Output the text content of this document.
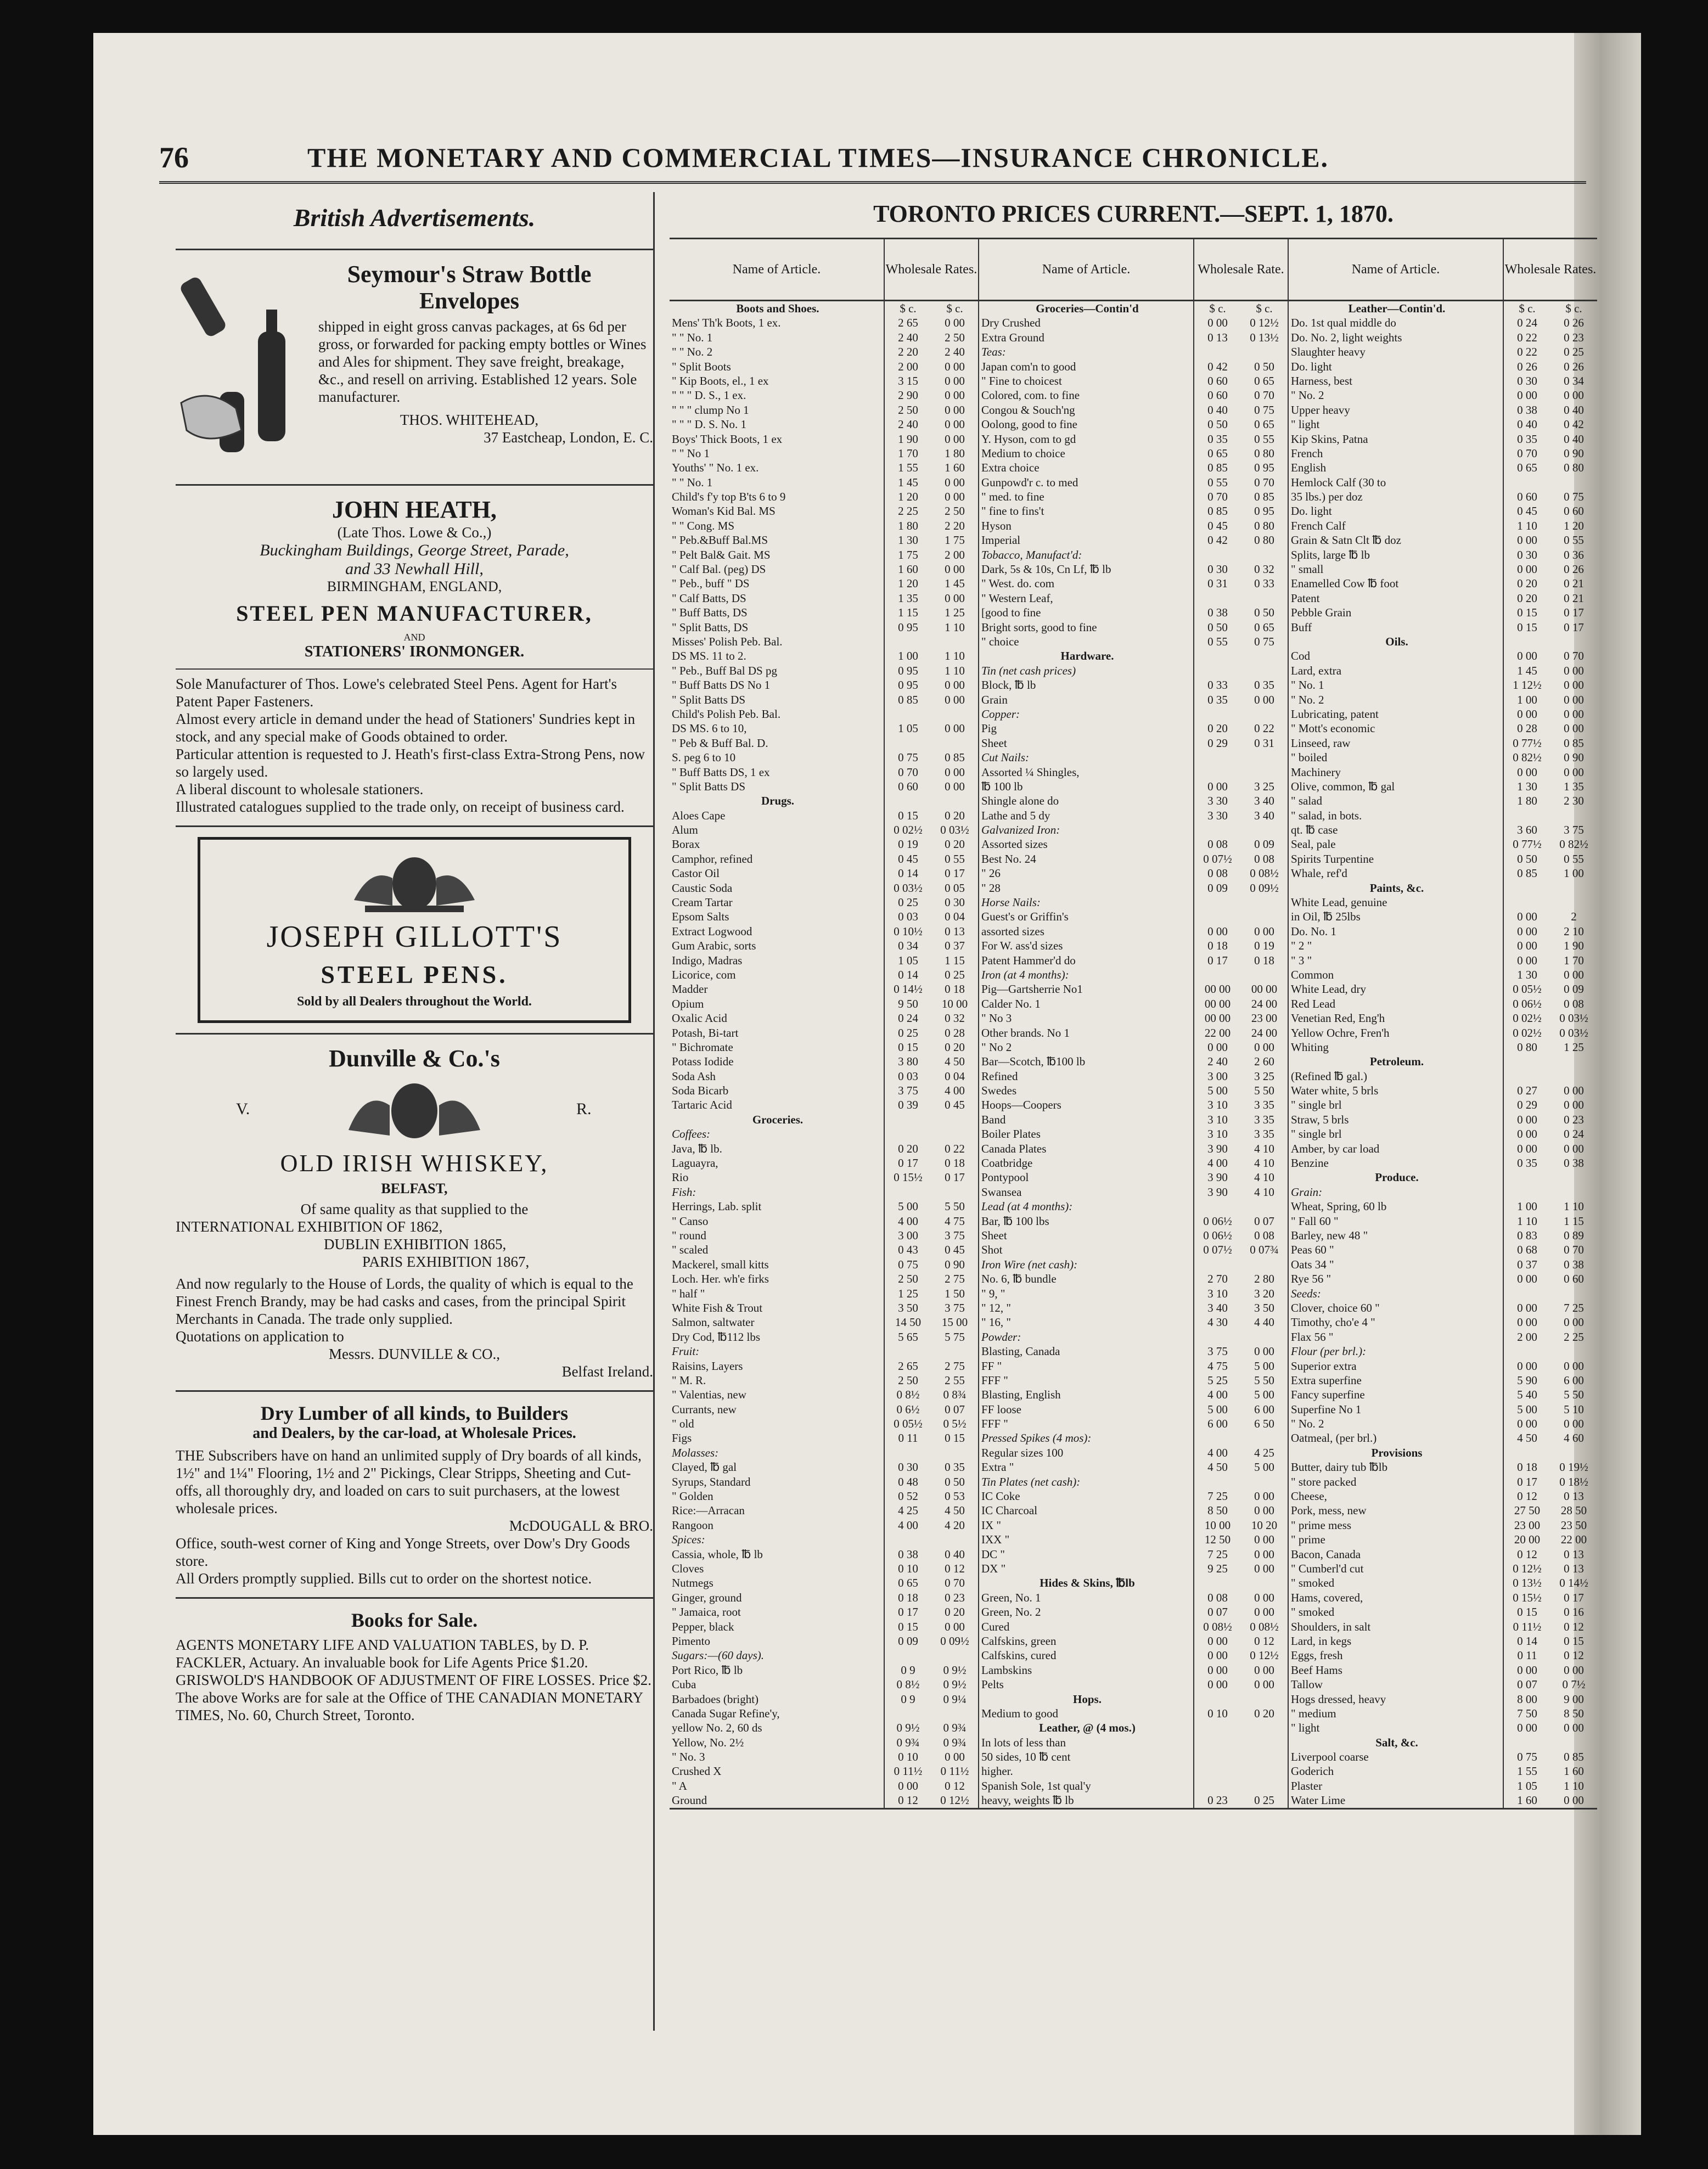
76	THE MONETARY AND COMMERCIAL TIMES—INSURANCE CHRONICLE.
British Advertisements.
Seymour's Straw Bottle
Envelopes
shipped in eight gross canvas packages, at 6s 6d per gross, or forwarded for packing empty bottles or Wines and Ales for shipment. They save freight, breakage, &c., and resell on arriving. Established 12 years. Sole manufacturer.
THOS. WHITEHEAD,
37 Eastcheap, London, E. C.
JOHN HEATH,
(Late Thos. Lowe & Co.,)
Buckingham Buildings, George Street, Parade,
and 33 Newhall Hill,
BIRMINGHAM, ENGLAND,
STEEL PEN MANUFACTURER,
AND
STATIONERS' IRONMONGER.
Sole Manufacturer of Thos. Lowe's celebrated Steel Pens. Agent for Hart's Patent Paper Fasteners.
Almost every article in demand under the head of Stationers' Sundries kept in stock, and any special make of Goods obtained to order.
Particular attention is requested to J. Heath's first-class Extra-Strong Pens, now so largely used.
A liberal discount to wholesale stationers.
Illustrated catalogues supplied to the trade only, on receipt of business card.
JOSEPH GILLOTT'S
STEEL PENS.
Sold by all Dealers throughout the World.
Dunville & Co.'s
V.	R.
OLD IRISH WHISKEY,
BELFAST,
Of same quality as that supplied to the
INTERNATIONAL EXHIBITION OF 1862,
DUBLIN EXHIBITION 1865,
PARIS EXHIBITION 1867,
And now regularly to the House of Lords, the quality of which is equal to the Finest French Brandy, may be had casks and cases, from the principal Spirit Merchants in Canada. The trade only supplied.
Quotations on application to
Messrs. DUNVILLE & CO.,
Belfast Ireland.
Dry Lumber of all kinds, to Builders
and Dealers, by the car-load, at Wholesale Prices.
THE Subscribers have on hand an unlimited supply of Dry boards of all kinds, 1½" and 1¼" Flooring, 1½ and 2" Pickings, Clear Stripps, Sheeting and Cut-offs, all thoroughly dry, and loaded on cars to suit purchasers, at the lowest wholesale prices.
McDOUGALL & BRO.
Office, south-west corner of King and Yonge Streets, over Dow's Dry Goods store.
All Orders promptly supplied. Bills cut to order on the shortest notice.
Books for Sale.
AGENTS MONETARY LIFE AND VALUATION TABLES, by D. P. FACKLER, Actuary. An invaluable book for Life Agents Price $1.20.
GRISWOLD'S HANDBOOK OF ADJUSTMENT OF FIRE LOSSES. Price $2.
The above Works are for sale at the Office of THE CANADIAN MONETARY TIMES, No. 60, Church Street, Toronto.
TORONTO PRICES CURRENT.—SEPT. 1, 1870.
Name of Article.	Wholesale Rates.
Boots and Shoes.	$ c.	$ c.
Mens' Th'k Boots, 1 ex.	2 65	0 00
" " No. 1	2 40	2 50
" " No. 2	2 20	2 40
" Split Boots	2 00	0 00
" Kip Boots, el., 1 ex	3 15	0 00
" " " D. S., 1 ex.	2 90	0 00
" " " clump No 1	2 50	0 00
" " " D. S. No. 1	2 40	0 00
Boys' Thick Boots, 1 ex	1 90	0 00
" " No 1	1 70	1 80
Youths' " No. 1 ex.	1 55	1 60
" " No. 1	1 45	0 00
Child's f'y top B'ts 6 to 9	1 20	0 00
Woman's Kid Bal. MS	2 25	2 50
" " Cong. MS	1 80	2 20
" Peb.&Buff Bal.MS	1 30	1 75
" Pelt Bal& Gait. MS	1 75	2 00
" Calf Bal. (peg) DS	1 60	0 00
" Peb., buff " DS	1 20	1 45
" Calf Batts, DS	1 35	0 00
" Buff Batts, DS	1 15	1 25
" Split Batts, DS	0 95	1 10
Misses' Polish Peb. Bal.
DS MS. 11 to 2.	1 00	1 10
" Peb., Buff Bal DS pg	0 95	1 10
" Buff Batts DS No 1	0 95	0 00
" Split Batts DS	0 85	0 00
Child's Polish Peb. Bal.
DS MS. 6 to 10,	1 05	0 00
" Peb & Buff Bal. D.
S. peg 6 to 10	0 75	0 85
" Buff Batts DS, 1 ex	0 70	0 00
" Split Batts DS	0 60	0 00
Drugs.
Aloes Cape	0 15	0 20
Alum	0 02½	0 03½
Borax	0 19	0 20
Camphor, refined	0 45	0 55
Castor Oil	0 14	0 17
Caustic Soda	0 03½	0 05
Cream Tartar	0 25	0 30
Epsom Salts	0 03	0 04
Extract Logwood	0 10½	0 13
Gum Arabic, sorts	0 34	0 37
Indigo, Madras	1 05	1 15
Licorice, com	0 14	0 25
Madder	0 14½	0 18
Opium	9 50	10 00
Oxalic Acid	0 24	0 32
Potash, Bi-tart	0 25	0 28
" Bichromate	0 15	0 20
Potass Iodide	3 80	4 50
Soda Ash	0 03	0 04
Soda Bicarb	3 75	4 00
Tartaric Acid	0 39	0 45
Groceries.
Coffees:
Java, ℔ lb.	0 20	0 22
Laguayra,	0 17	0 18
Rio	0 15½	0 17
Fish:
Herrings, Lab. split	5 00	5 50
" Canso	4 00	4 75
" round	3 00	3 75
" scaled	0 43	0 45
Mackerel, small kitts	0 75	0 90
Loch. Her. wh'e firks	2 50	2 75
" half "	1 25	1 50
White Fish & Trout	3 50	3 75
Salmon, saltwater	14 50	15 00
Dry Cod, ℔112 lbs	5 65	5 75
Fruit:
Raisins, Layers	2 65	2 75
" M. R.	2 50	2 55
" Valentias, new	0 8½	0 8¾
Currants, new	0 6½	0 07
" old	0 05½	0 5½
Figs	0 11	0 15
Molasses:
Clayed, ℔ gal	0 30	0 35
Syrups, Standard	0 48	0 50
" Golden	0 52	0 53
Rice:—Arracan	4 25	4 50
Rangoon	4 00	4 20
Spices:
Cassia, whole, ℔ lb	0 38	0 40
Cloves	0 10	0 12
Nutmegs	0 65	0 70
Ginger, ground	0 18	0 23
" Jamaica, root	0 17	0 20
Pepper, black	0 15	0 00
Pimento	0 09	0 09½
Sugars:—(60 days).
Port Rico, ℔ lb	0 9	0 9½
Cuba	0 8½	0 9½
Barbadoes (bright)	0 9	0 9¼
Canada Sugar Refine'y,
yellow No. 2, 60 ds	0 9½	0 9¾
Yellow, No. 2½	0 9¾	0 9¾
" No. 3	0 10	0 00
Crushed X	0 11½	0 11½
" A	0 00	0 12
Ground	0 12	0 12½
Name of Article.	Wholesale Rate.
Groceries—Contin'd	$ c.	$ c.
Dry Crushed	0 00	0 12½
Extra Ground	0 13	0 13½
Teas:
Japan com'n to good	0 42	0 50
" Fine to choicest	0 60	0 65
Colored, com. to fine	0 60	0 70
Congou & Souch'ng	0 40	0 75
Oolong, good to fine	0 50	0 65
Y. Hyson, com to gd	0 35	0 55
Medium to choice	0 65	0 80
Extra choice	0 85	0 95
Gunpowd'r c. to med	0 55	0 70
" med. to fine	0 70	0 85
" fine to fins't	0 85	0 95
Hyson	0 45	0 80
Imperial	0 42	0 80
Tobacco, Manufact'd:
Dark, 5s & 10s, Cn Lf, ℔ lb	0 30	0 32
" West. do. com	0 31	0 33
" Western Leaf,
[good to fine	0 38	0 50
Bright sorts, good to fine	0 50	0 65
" choice	0 55	0 75
Hardware.
Tin (net cash prices)
Block, ℔ lb	0 33	0 35
Grain	0 35	0 00
Copper:
Pig	0 20	0 22
Sheet	0 29	0 31
Cut Nails:
Assorted ¼ Shingles,
℔ 100 lb	0 00	3 25
Shingle alone do	3 30	3 40
Lathe and 5 dy	3 30	3 40
Galvanized Iron:
Assorted sizes	0 08	0 09
Best No. 24	0 07½	0 08
" 26	0 08	0 08½
" 28	0 09	0 09½
Horse Nails:
Guest's or Griffin's
assorted sizes	0 00	0 00
For W. ass'd sizes	0 18	0 19
Patent Hammer'd do	0 17	0 18
Iron (at 4 months):
Pig—Gartsherrie No1	00 00	00 00
Calder No. 1	00 00	24 00
" No 3	00 00	23 00
Other brands. No 1	22 00	24 00
" No 2	0 00	0 00
Bar—Scotch, ℔100 lb	2 40	2 60
Refined	3 00	3 25
Swedes	5 00	5 50
Hoops—Coopers	3 10	3 35
Band	3 10	3 35
Boiler Plates	3 10	3 35
Canada Plates	3 90	4 10
Coatbridge	4 00	4 10
Pontypool	3 90	4 10
Swansea	3 90	4 10
Lead (at 4 months):
Bar, ℔ 100 lbs	0 06½	0 07
Sheet	0 06½	0 08
Shot	0 07½	0 07¾
Iron Wire (net cash):
No. 6, ℔ bundle	2 70	2 80
" 9, "	3 10	3 20
" 12, "	3 40	3 50
" 16, "	4 30	4 40
Powder:
Blasting, Canada	3 75	0 00
FF "	4 75	5 00
FFF "	5 25	5 50
Blasting, English	4 00	5 00
FF loose	5 00	6 00
FFF "	6 00	6 50
Pressed Spikes (4 mos):
Regular sizes 100	4 00	4 25
Extra "	4 50	5 00
Tin Plates (net cash):
IC Coke	7 25	0 00
IC Charcoal	8 50	0 00
IX "	10 00	10 20
IXX "	12 50	0 00
DC "	7 25	0 00
DX "	9 25	0 00
Hides & Skins, ℔lb
Green, No. 1	0 08	0 00
Green, No. 2	0 07	0 00
Cured	0 08½	0 08½
Calfskins, green	0 00	0 12
Calfskins, cured	0 00	0 12½
Lambskins	0 00	0 00
Pelts	0 00	0 00
Hops.
Medium to good	0 10	0 20
Leather, @ (4 mos.)
In lots of less than
50 sides, 10 ℔ cent
higher.
Spanish Sole, 1st qual'y
heavy, weights ℔ lb	0 23	0 25
Name of Article.	Wholesale Rates.
Leather—Contin'd.	$ c.	$ c.
Do. 1st qual middle do	0 24	0 26
Do. No. 2, light weights	0 22	0 23
Slaughter heavy	0 22	0 25
Do. light	0 26	0 26
Harness, best	0 30	0 34
" No. 2	0 00	0 00
Upper heavy	0 38	0 40
" light	0 40	0 42
Kip Skins, Patna	0 35	0 40
French	0 70	0 90
English	0 65	0 80
Hemlock Calf (30 to
35 lbs.) per doz	0 60	0 75
Do. light	0 45	0 60
French Calf	1 10	1 20
Grain & Satn Clt ℔ doz	0 00	0 55
Splits, large ℔ lb	0 30	0 36
" small	0 00	0 26
Enamelled Cow ℔ foot	0 20	0 21
Patent	0 20	0 21
Pebble Grain	0 15	0 17
Buff	0 15	0 17
Oils.
Cod	0 00	0 70
Lard, extra	1 45	0 00
" No. 1	1 12½	0 00
" No. 2	1 00	0 00
Lubricating, patent	0 00	0 00
" Mott's economic	0 28	0 00
Linseed, raw	0 77½	0 85
" boiled	0 82½	0 90
Machinery	0 00	0 00
Olive, common, ℔ gal	1 30	1 35
" salad	1 80	2 30
" salad, in bots.
qt. ℔ case	3 60	3 75
Seal, pale	0 77½	0 82½
Spirits Turpentine	0 50	0 55
Whale, ref'd	0 85	1 00
Paints, &c.
White Lead, genuine
in Oil, ℔ 25lbs	0 00	2
Do. No. 1	0 00	2 10
" 2 "	0 00	1 90
" 3 "	0 00	1 70
Common	1 30	0 00
White Lead, dry	0 05½	0 09
Red Lead	0 06½	0 08
Venetian Red, Eng'h	0 02½	0 03½
Yellow Ochre, Fren'h	0 02½	0 03½
Whiting	0 80	1 25
Petroleum.
(Refined ℔ gal.)
Water white, 5 brls	0 27	0 00
" single brl	0 29	0 00
Straw, 5 brls	0 00	0 23
" single brl	0 00	0 24
Amber, by car load	0 00	0 00
Benzine	0 35	0 38
Produce.
Grain:
Wheat, Spring, 60 lb	1 00	1 10
" Fall 60 "	1 10	1 15
Barley, new 48 "	0 83	0 89
Peas 60 "	0 68	0 70
Oats 34 "	0 37	0 38
Rye 56 "	0 00	0 60
Seeds:
Clover, choice 60 "	0 00	7 25
Timothy, cho'e 4 "	0 00	0 00
Flax 56 "	2 00	2 25
Flour (per brl.):
Superior extra	0 00	0 00
Extra superfine	5 90	6 00
Fancy superfine	5 40	5 50
Superfine No 1	5 00	5 10
" No. 2	0 00	0 00
Oatmeal, (per brl.)	4 50	4 60
Provisions
Butter, dairy tub ℔lb	0 18	0 19½
" store packed	0 17	0 18½
Cheese,	0 12	0 13
Pork, mess, new	27 50	28 50
" prime mess	23 00	23 50
" prime	20 00	22 00
Bacon, Canada	0 12	0 13
" Cumberl'd cut	0 12½	0 13
" smoked	0 13½	0 14½
Hams, covered,	0 15½	0 17
" smoked	0 15	0 16
Shoulders, in salt	0 11½	0 12
Lard, in kegs	0 14	0 15
Eggs, fresh	0 11	0 12
Beef Hams	0 00	0 00
Tallow	0 07	0 7½
Hogs dressed, heavy	8 00	9 00
" medium	7 50	8 50
" light	0 00	0 00
Salt, &c.
Liverpool coarse	0 75	0 85
Goderich	1 55	1 60
Plaster	1 05	1 10
Water Lime	1 60	0 00
